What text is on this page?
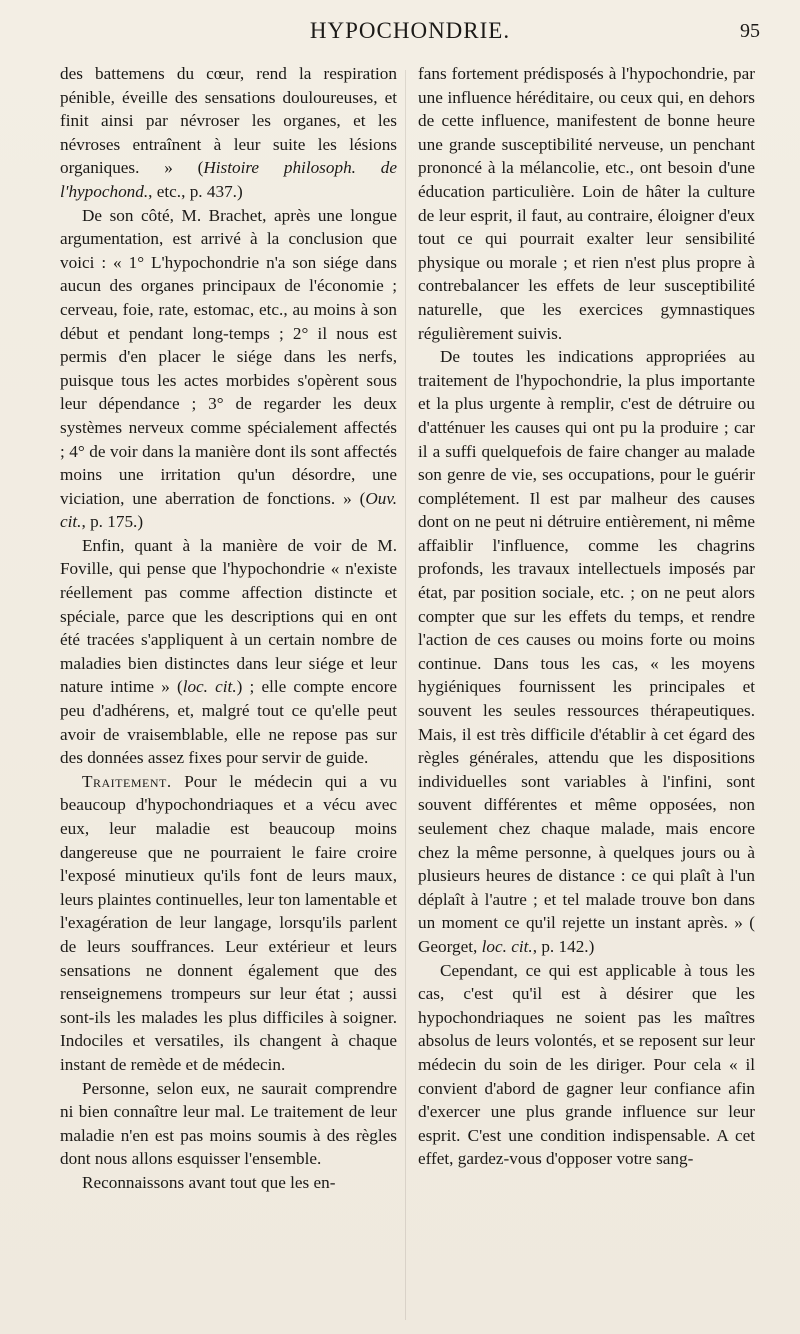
HYPOCHONDRIE.	95

des battemens du cœur, rend la respiration pénible, éveille des sensations douloureuses, et finit ainsi par névroser les organes, et les névroses entraînent à leur suite les lésions organiques. » (Histoire philosoph. de l'hypochond., etc., p. 437.)

De son côté, M. Brachet, après une longue argumentation, est arrivé à la conclusion que voici : « 1° L'hypochondrie n'a son siége dans aucun des organes principaux de l'économie ; cerveau, foie, rate, estomac, etc., au moins à son début et pendant long-temps ; 2° il nous est permis d'en placer le siége dans les nerfs, puisque tous les actes morbides s'opèrent sous leur dépendance ; 3° de regarder les deux systèmes nerveux comme spécialement affectés ; 4° de voir dans la manière dont ils sont affectés moins une irritation qu'un désordre, une viciation, une aberration de fonctions. » (Ouv. cit., p. 175.)

Enfin, quant à la manière de voir de M. Foville, qui pense que l'hypochondrie « n'existe réellement pas comme affection distincte et spéciale, parce que les descriptions qui en ont été tracées s'appliquent à un certain nombre de maladies bien distinctes dans leur siége et leur nature intime » (loc. cit.) ; elle compte encore peu d'adhérens, et, malgré tout ce qu'elle peut avoir de vraisemblable, elle ne repose pas sur des données assez fixes pour servir de guide.

Traitement. Pour le médecin qui a vu beaucoup d'hypochondriaques et a vécu avec eux, leur maladie est beaucoup moins dangereuse que ne pourraient le faire croire l'exposé minutieux qu'ils font de leurs maux, leurs plaintes continuelles, leur ton lamentable et l'exagération de leur langage, lorsqu'ils parlent de leurs souffrances. Leur extérieur et leurs sensations ne donnent également que des renseignemens trompeurs sur leur état ; aussi sont-ils les malades les plus difficiles à soigner. Indociles et versatiles, ils changent à chaque instant de remède et de médecin.

Personne, selon eux, ne saurait comprendre ni bien connaître leur mal. Le traitement de leur maladie n'en est pas moins soumis à des règles dont nous allons esquisser l'ensemble.

Reconnaissons avant tout que les en-

fans fortement prédisposés à l'hypochondrie, par une influence héréditaire, ou ceux qui, en dehors de cette influence, manifestent de bonne heure une grande susceptibilité nerveuse, un penchant prononcé à la mélancolie, etc., ont besoin d'une éducation particulière. Loin de hâter la culture de leur esprit, il faut, au contraire, éloigner d'eux tout ce qui pourrait exalter leur sensibilité physique ou morale ; et rien n'est plus propre à contrebalancer les effets de leur susceptibilité naturelle, que les exercices gymnastiques régulièrement suivis.

De toutes les indications appropriées au traitement de l'hypochondrie, la plus importante et la plus urgente à remplir, c'est de détruire ou d'atténuer les causes qui ont pu la produire ; car il a suffi quelquefois de faire changer au malade son genre de vie, ses occupations, pour le guérir complétement. Il est par malheur des causes dont on ne peut ni détruire entièrement, ni même affaiblir l'influence, comme les chagrins profonds, les travaux intellectuels imposés par état, par position sociale, etc. ; on ne peut alors compter que sur les effets du temps, et rendre l'action de ces causes ou moins forte ou moins continue. Dans tous les cas, « les moyens hygiéniques fournissent les principales et souvent les seules ressources thérapeutiques. Mais, il est très difficile d'établir à cet égard des règles générales, attendu que les dispositions individuelles sont variables à l'infini, sont souvent différentes et même opposées, non seulement chez chaque malade, mais encore chez la même personne, à quelques jours ou à plusieurs heures de distance : ce qui plaît à l'un déplaît à l'autre ; et tel malade trouve bon dans un moment ce qu'il rejette un instant après. » ( Georget, loc. cit., p. 142.)

Cependant, ce qui est applicable à tous les cas, c'est qu'il est à désirer que les hypochondriaques ne soient pas les maîtres absolus de leurs volontés, et se reposent sur leur médecin du soin de les diriger. Pour cela « il convient d'abord de gagner leur confiance afin d'exercer une plus grande influence sur leur esprit. C'est une condition indispensable. A cet effet, gardez-vous d'opposer votre sang-
